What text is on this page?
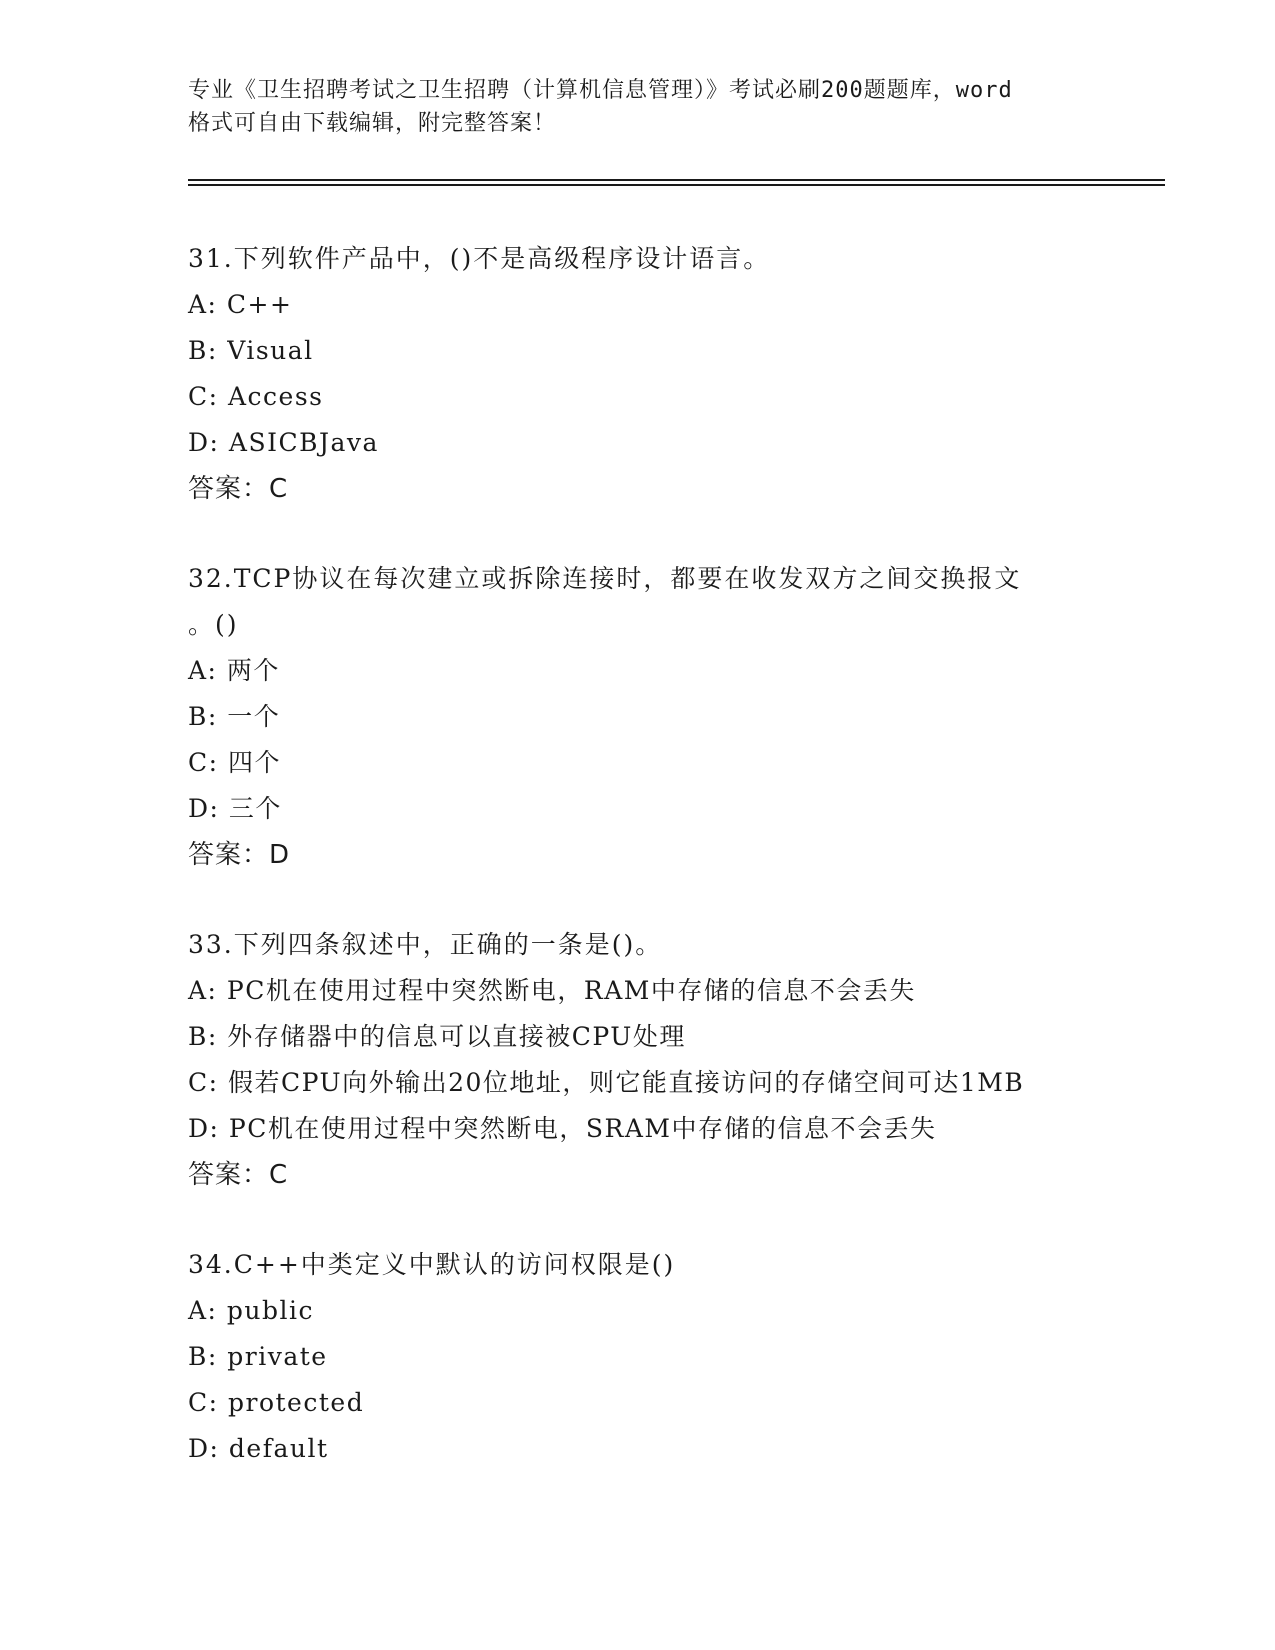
专业《卫生招聘考试之卫生招聘（计算机信息管理）》考试必刷200题题库，word
格式可自由下载编辑，附完整答案！
31.下列软件产品中，()不是高级程序设计语言。
A: C++
B: Visual
C: Access
D: ASICBJava
答案：C
32.TCP协议在每次建立或拆除连接时，都要在收发双方之间交换报文
。()
A: 两个
B: 一个
C: 四个
D: 三个
答案：D
33.下列四条叙述中，正确的一条是()。
A: PC机在使用过程中突然断电，RAM中存储的信息不会丢失
B: 外存储器中的信息可以直接被CPU处理
C: 假若CPU向外输出20位地址，则它能直接访问的存储空间可达1MB
D: PC机在使用过程中突然断电，SRAM中存储的信息不会丢失
答案：C
34.C++中类定义中默认的访问权限是()
A: public
B: private
C: protected
D: default
